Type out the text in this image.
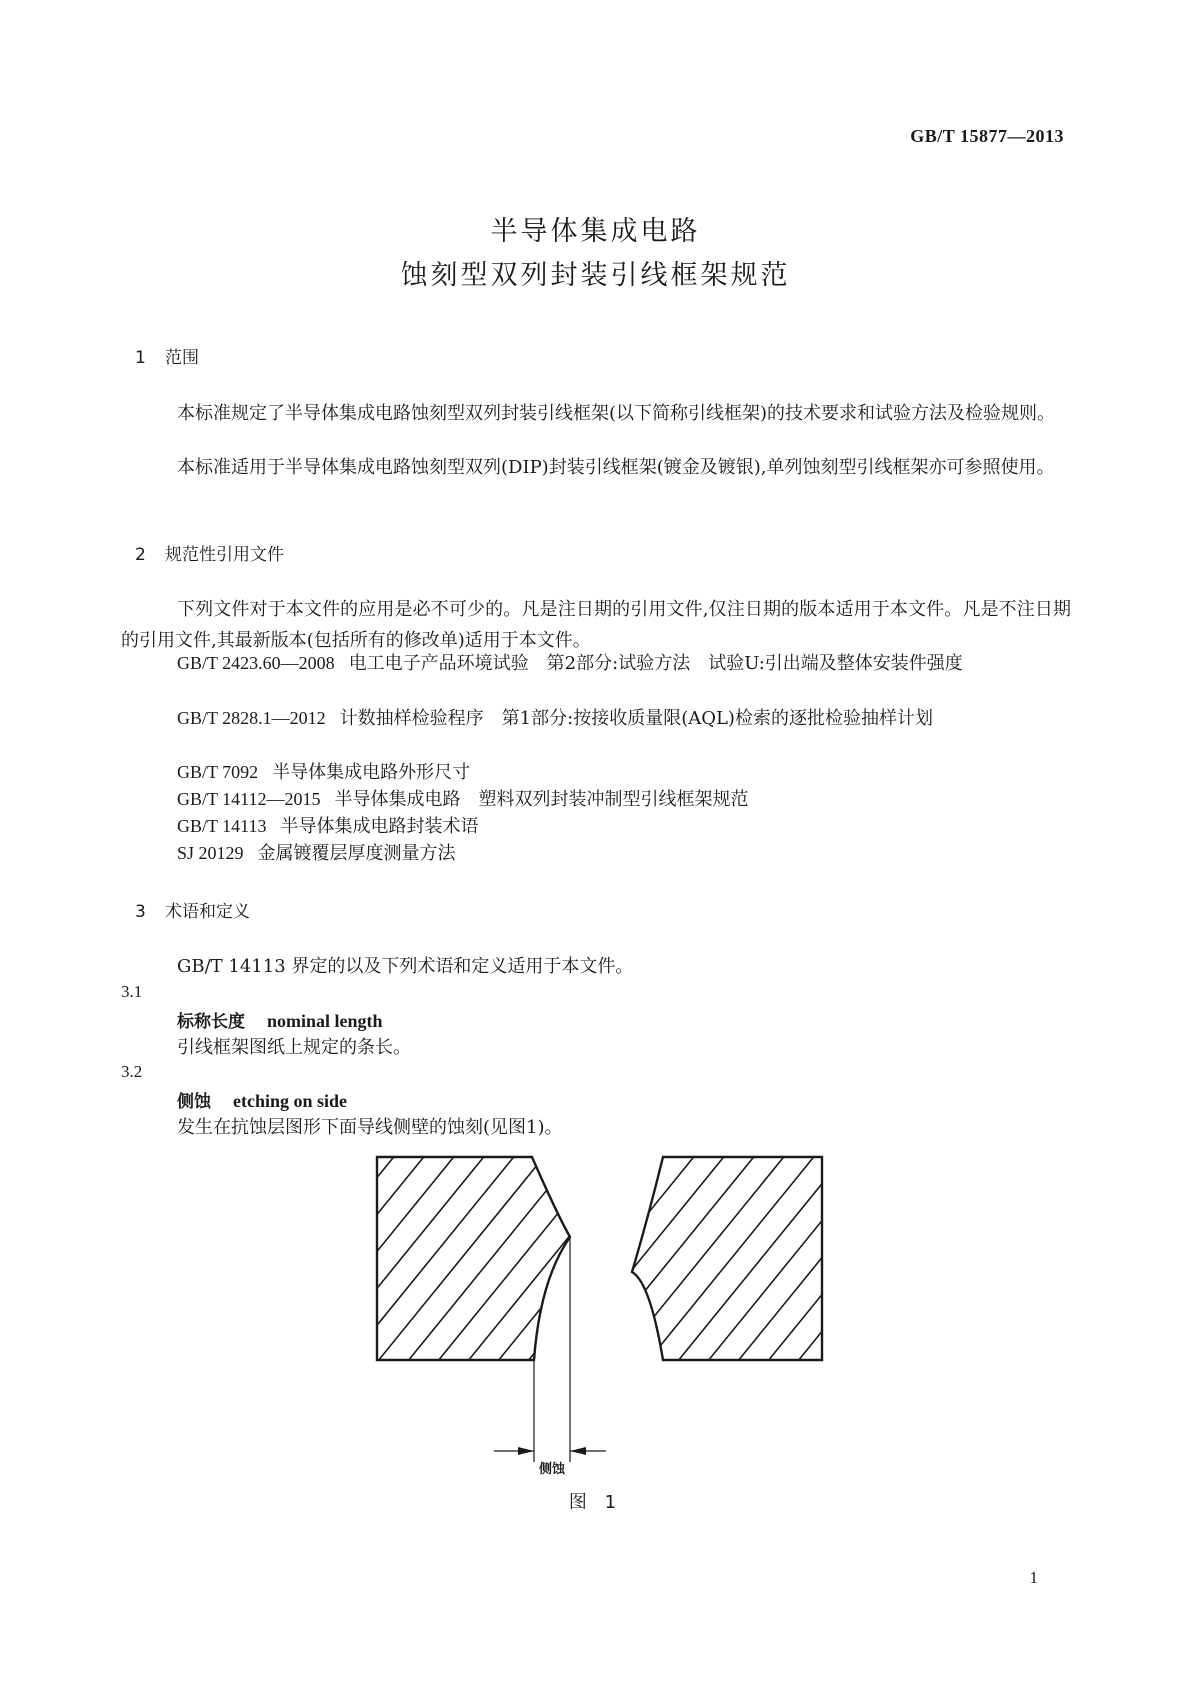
GB/T 15877—2013
半导体集成电路
蚀刻型双列封装引线框架规范
1 范围
本标准规定了半导体集成电路蚀刻型双列封装引线框架(以下简称引线框架)的技术要求和试验方法及检验规则。
本标准适用于半导体集成电路蚀刻型双列(DIP)封装引线框架(镀金及镀银),单列蚀刻型引线框架亦可参照使用。
2 规范性引用文件
下列文件对于本文件的应用是必不可少的。凡是注日期的引用文件,仅注日期的版本适用于本文件。凡是不注日期的引用文件,其最新版本(包括所有的修改单)适用于本文件。
GB/T 2423.60—2008 电工电子产品环境试验　第2部分:试验方法　试验U:引出端及整体安装件强度
GB/T 2828.1—2012 计数抽样检验程序　第1部分:按接收质量限(AQL)检索的逐批检验抽样计划
GB/T 7092 半导体集成电路外形尺寸
GB/T 14112—2015 半导体集成电路　塑料双列封装冲制型引线框架规范
GB/T 14113 半导体集成电路封装术语
SJ 20129 金属镀覆层厚度测量方法
3 术语和定义
GB/T 14113 界定的以及下列术语和定义适用于本文件。
3.1
标称长度 nominal length
引线框架图纸上规定的条长。
3.2
侧蚀 etching on side
发生在抗蚀层图形下面导线侧壁的蚀刻(见图1)。
侧蚀
图 1
1
